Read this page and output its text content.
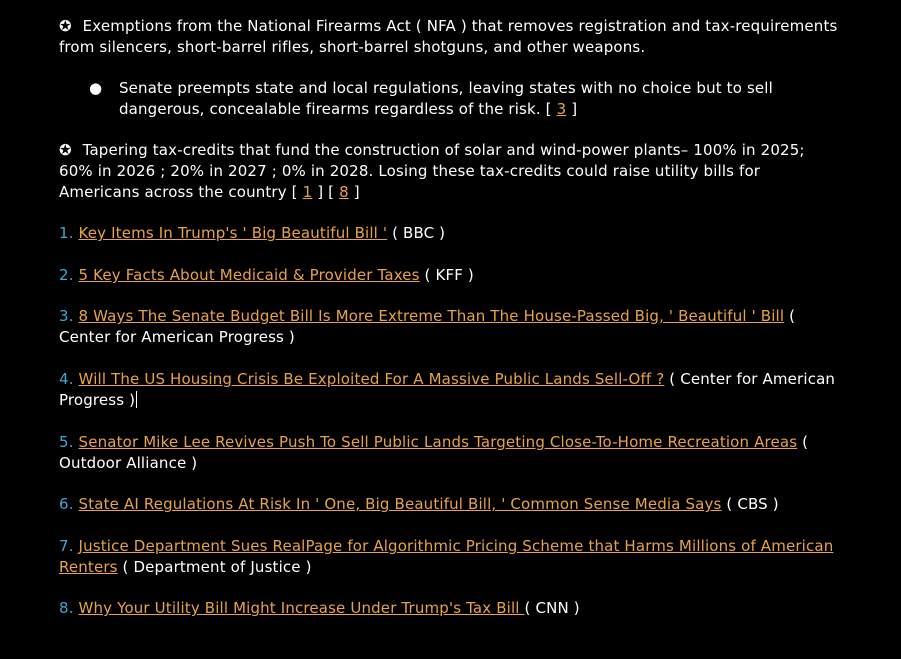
✪ Exemptions from the National Firearms Act ( NFA ) that removes registration and tax-requirements from silencers, short-barrel rifles, short-barrel shotguns, and other weapons.

● Senate preempts state and local regulations, leaving states with no choice but to sell dangerous, concealable firearms regardless of the risk. [ 3 ]

✪ Tapering tax-credits that fund the construction of solar and wind-power plants– 100% in 2025; 60% in 2026 ; 20% in 2027 ; 0% in 2028. Losing these tax-credits could raise utility bills for Americans across the country [ 1 ] [ 8 ]

1. Key Items In Trump's ' Big Beautiful Bill ' ( BBC )

2. 5 Key Facts About Medicaid & Provider Taxes ( KFF )

3. 8 Ways The Senate Budget Bill Is More Extreme Than The House-Passed Big, ' Beautiful ' Bill ( Center for American Progress )

4. Will The US Housing Crisis Be Exploited For A Massive Public Lands Sell-Off ? ( Center for American Progress )

5. Senator Mike Lee Revives Push To Sell Public Lands Targeting Close-To-Home Recreation Areas ( Outdoor Alliance )

6. State AI Regulations At Risk In ' One, Big Beautiful Bill, ' Common Sense Media Says ( CBS )

7. Justice Department Sues RealPage for Algorithmic Pricing Scheme that Harms Millions of American Renters ( Department of Justice )

8. Why Your Utility Bill Might Increase Under Trump's Tax Bill ( CNN )
